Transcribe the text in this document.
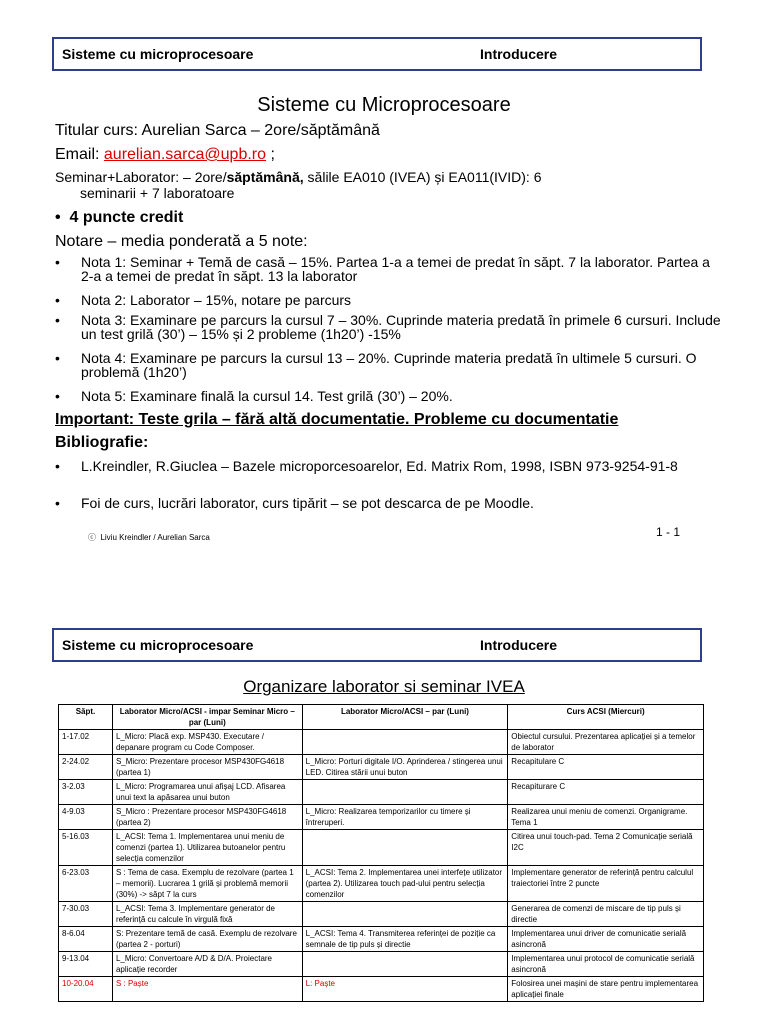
Sisteme cu microprocesoare	Introducere
Sisteme cu Microprocesoare
Titular curs: Aurelian Sarca – 2ore/săptămână
Email: aurelian.sarca@upb.ro ;
Seminar+Laborator: – 2ore/săptămână, sălile EA010 (IVEA) și EA011(IVID): 6
seminarii + 7 laboratoare
•  4 puncte credit
Notare – media ponderată a 5 note:
• Nota 1: Seminar + Temă de casă – 15%. Partea 1-a a temei de predat în săpt. 7 la laborator. Partea a 2-a a temei de predat în săpt. 13 la laborator
• Nota 2: Laborator – 15%, notare pe parcurs
• Nota 3: Examinare pe parcurs la cursul 7 – 30%. Cuprinde materia predată în primele 6 cursuri. Include un test grilă (30’) – 15% și 2 probleme (1h20’) -15%
• Nota 4: Examinare pe parcurs la cursul 13 – 20%. Cuprinde materia predată în ultimele 5 cursuri. O problemă (1h20’)
• Nota 5: Examinare finală la cursul 14. Test grilă (30’) – 20%.
Important: Teste grila – fără altă documentatie. Probleme cu documentatie
Bibliografie:
• L.Kreindler, R.Giuclea – Bazele microporcesoarelor, Ed. Matrix Rom, 1998, ISBN 973-9254-91-8
• Foi de curs, lucrări laborator, curs tipărit – se pot descarca de pe Moodle.
ⓒ Liviu Kreindler / Aurelian Sarca	1 - 1
Sisteme cu microprocesoare	Introducere
Organizare laborator si seminar IVEA
Săpt.	Laborator Micro/ACSI - impar Seminar Micro – par (Luni)	Laborator Micro/ACSI – par (Luni)	Curs ACSI (Miercuri)
1-17.02	L_Micro: Placă exp. MSP430. Executare / depanare program cu Code Composer.		Obiectul cursului. Prezentarea aplicației și a temelor de laborator
2-24.02	S_Micro: Prezentare procesor MSP430FG4618 (partea 1)	L_Micro: Porturi digitale I/O. Aprinderea / stingerea unui LED. Citirea stării unui buton	Recapitulare C
3-2.03	L_Micro: Programarea unui afișaj LCD. Afisarea unui text la apăsarea unui buton		Recapiturare C
4-9.03	S_Micro : Prezentare procesor MSP430FG4618 (partea 2)	L_Micro: Realizarea temporizarilor cu timere și întreruperi.	Realizarea unui meniu de comenzi. Organigrame. Tema 1
5-16.03	L_ACSI: Tema 1. Implementarea unui meniu de comenzi (partea 1). Utilizarea butoanelor pentru selecția comenzilor		Citirea unui touch-pad. Tema 2 Comunicație serială I2C
6-23.03	S : Tema de casa. Exemplu de rezolvare (partea 1 – memorii). Lucrarea 1 grilă și problemă memorii (30%) -> săpt 7 la curs	L_ACSI: Tema 2. Implementarea unei interfețe utilizator (partea 2). Utilizarea touch pad-ului pentru selecția comenzilor	Implementare generator de referință pentru calculul traiectoriei între 2 puncte
7-30.03	L_ACSI: Tema 3. Implementare generator de referință cu calcule în virgulă fixă		Generarea de comenzi de miscare de tip puls și directie
8-6.04	S: Prezentare temă de casă. Exemplu de rezolvare (partea 2 - porturi)	L_ACSI: Tema 4. Transmiterea referinței de poziție ca semnale de tip puls și directie	Implementarea unui driver de comunicatie serială asincronă
9-13.04	L_Micro: Convertoare A/D & D/A. Proiectare aplicație recorder		Implementarea unui protocol de comunicatie serială asincronă
10-20.04	S : Paște	L: Paște	Folosirea unei mașini de stare pentru implementarea aplicației finale
